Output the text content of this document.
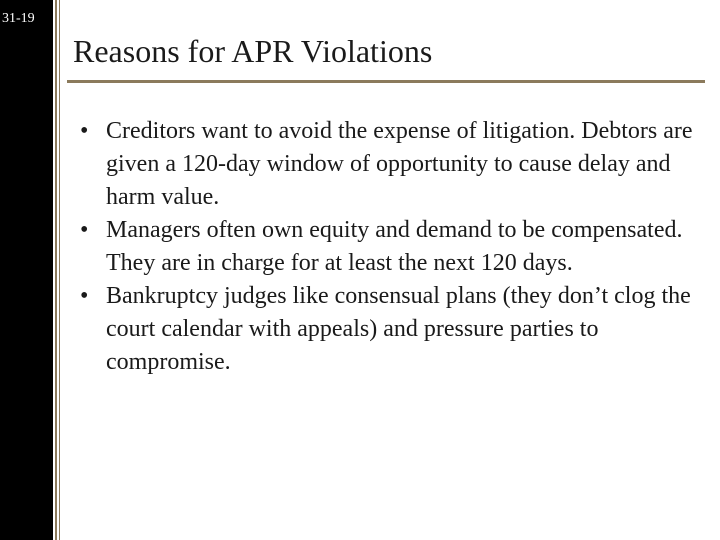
31-19
Reasons for APR Violations
• Creditors want to avoid the expense of litigation. Debtors are given a 120-day window of opportunity to cause delay and harm value.
• Managers often own equity and demand to be compensated. They are in charge for at least the next 120 days.
• Bankruptcy judges like consensual plans (they don’t clog the court calendar with appeals) and pressure parties to compromise.
